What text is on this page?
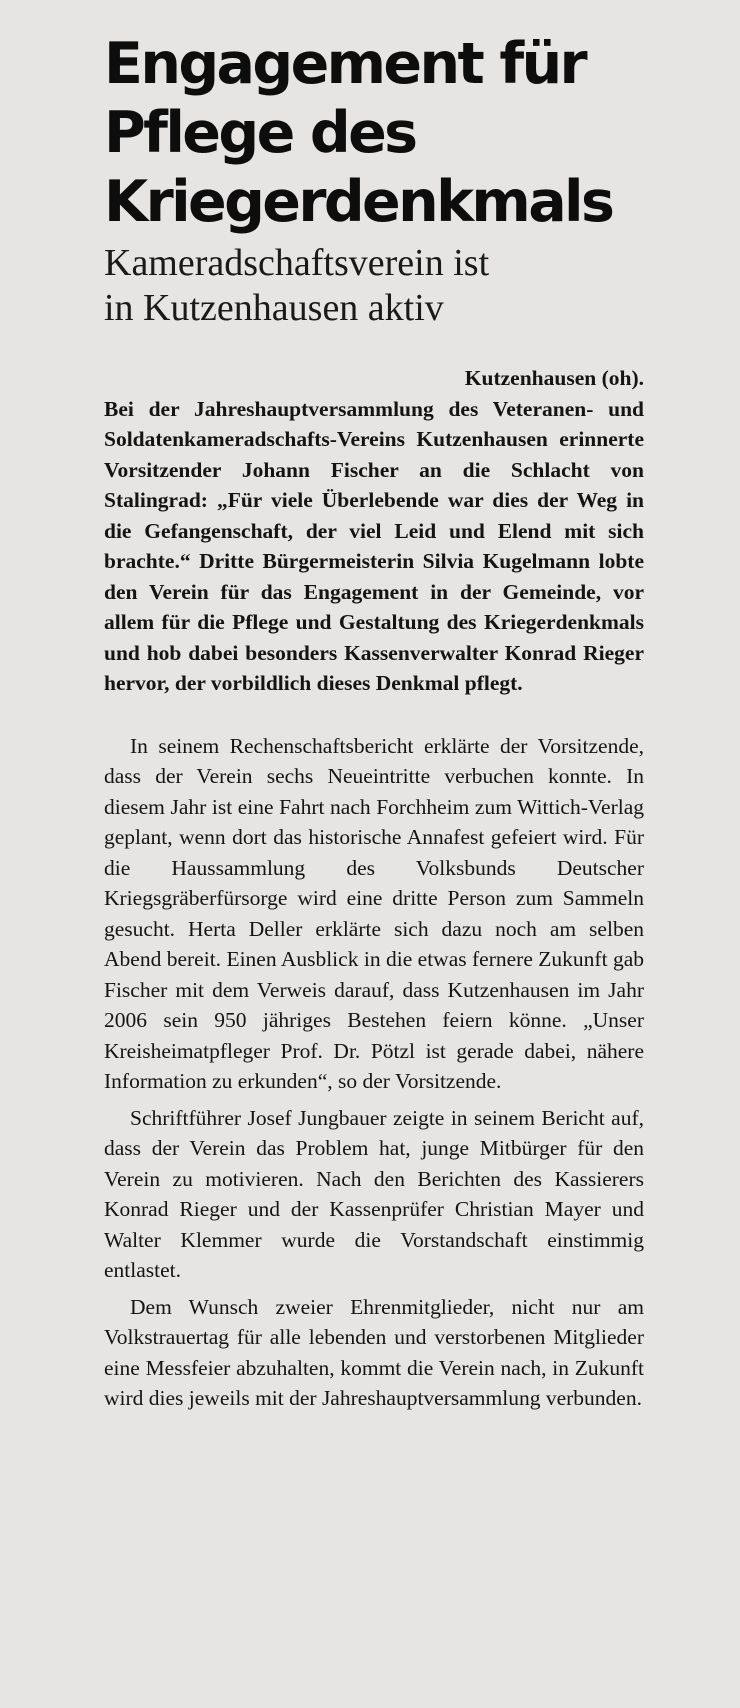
Engagement für
Pflege des
Kriegerdenkmals
Kameradschaftsverein ist
in Kutzenhausen aktiv

Kutzenhausen (oh).

Bei der Jahreshauptversammlung des Veteranen- und Soldatenkameradschafts-Vereins Kutzenhausen erinnerte Vorsitzender Johann Fischer an die Schlacht von Stalingrad: „Für viele Überlebende war dies der Weg in die Gefangenschaft, der viel Leid und Elend mit sich brachte.“ Dritte Bürgermeisterin Silvia Kugelmann lobte den Verein für das Engagement in der Gemeinde, vor allem für die Pflege und Gestaltung des Kriegerdenkmals und hob dabei besonders Kassenverwalter Konrad Rieger hervor, der vorbildlich dieses Denkmal pflegt.

In seinem Rechenschaftsbericht erklärte der Vorsitzende, dass der Verein sechs Neueintritte verbuchen konnte. In diesem Jahr ist eine Fahrt nach Forchheim zum Wittich-Verlag geplant, wenn dort das historische Annafest gefeiert wird. Für die Haussammlung des Volksbunds Deutscher Kriegsgräberfürsorge wird eine dritte Person zum Sammeln gesucht. Herta Deller erklärte sich dazu noch am selben Abend bereit. Einen Ausblick in die etwas fernere Zukunft gab Fischer mit dem Verweis darauf, dass Kutzenhausen im Jahr 2006 sein 950 jähriges Bestehen feiern könne. „Unser Kreisheimatpfleger Prof. Dr. Pötzl ist gerade dabei, nähere Information zu erkunden“, so der Vorsitzende.

Schriftführer Josef Jungbauer zeigte in seinem Bericht auf, dass der Verein das Problem hat, junge Mitbürger für den Verein zu motivieren. Nach den Berichten des Kassierers Konrad Rieger und der Kassenprüfer Christian Mayer und Walter Klemmer wurde die Vorstandschaft einstimmig entlastet.

Dem Wunsch zweier Ehrenmitglieder, nicht nur am Volkstrauertag für alle lebenden und verstorbenen Mitglieder eine Messfeier abzuhalten, kommt die Verein nach, in Zukunft wird dies jeweils mit der Jahreshauptversammlung verbunden.
